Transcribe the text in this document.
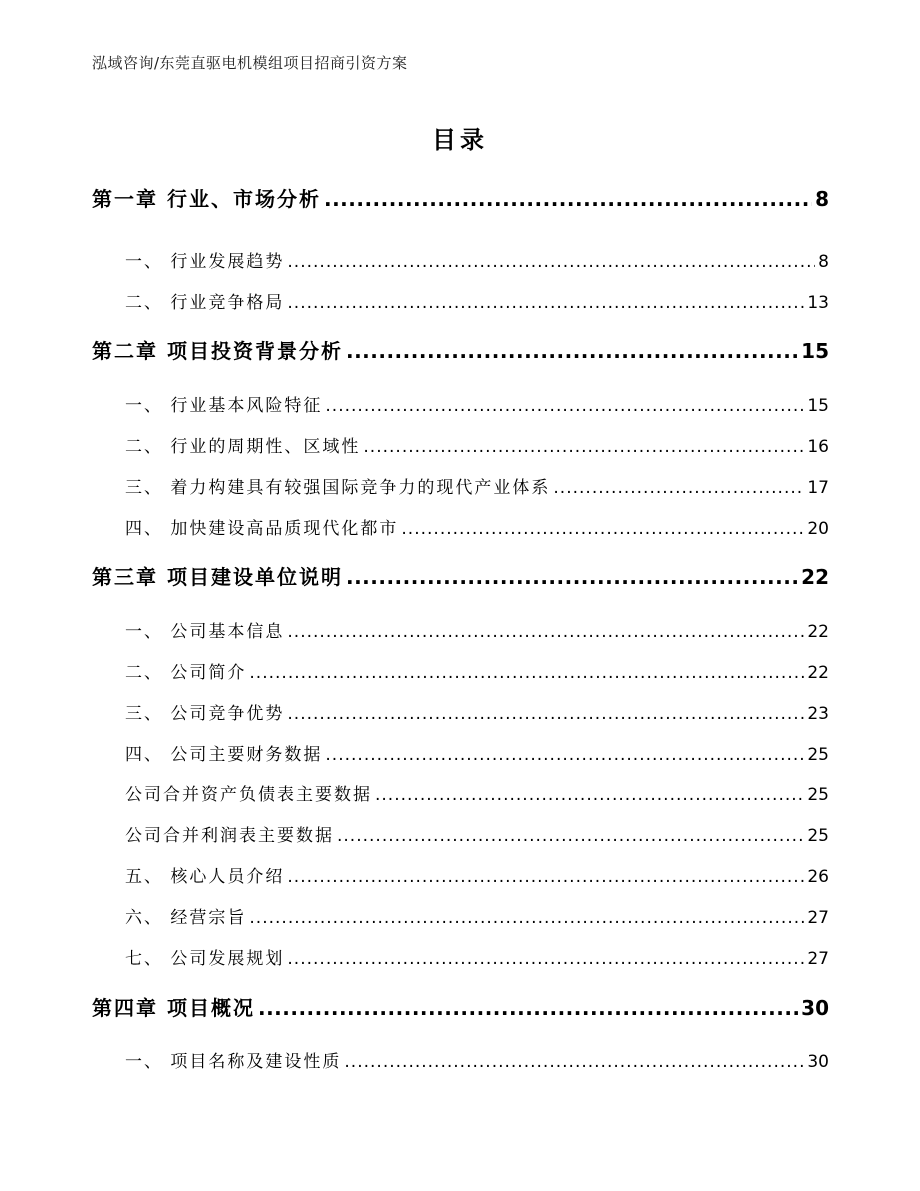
泓域咨询/东莞直驱电机模组项目招商引资方案
目录
第一章 行业、市场分析 .....	8
一、 行业发展趋势 .....	8
二、 行业竞争格局 .....	13
第二章 项目投资背景分析 .....	15
一、 行业基本风险特征 .....	15
二、 行业的周期性、区域性 .....	16
三、 着力构建具有较强国际竞争力的现代产业体系 .....	17
四、 加快建设高品质现代化都市 .....	20
第三章 项目建设单位说明 .....	22
一、 公司基本信息 .....	22
二、 公司简介 .....	22
三、 公司竞争优势 .....	23
四、 公司主要财务数据 .....	25
公司合并资产负债表主要数据 .....	25
公司合并利润表主要数据 .....	25
五、 核心人员介绍 .....	26
六、 经营宗旨 .....	27
七、 公司发展规划 .....	27
第四章 项目概况 .....	30
一、 项目名称及建设性质 .....	30
